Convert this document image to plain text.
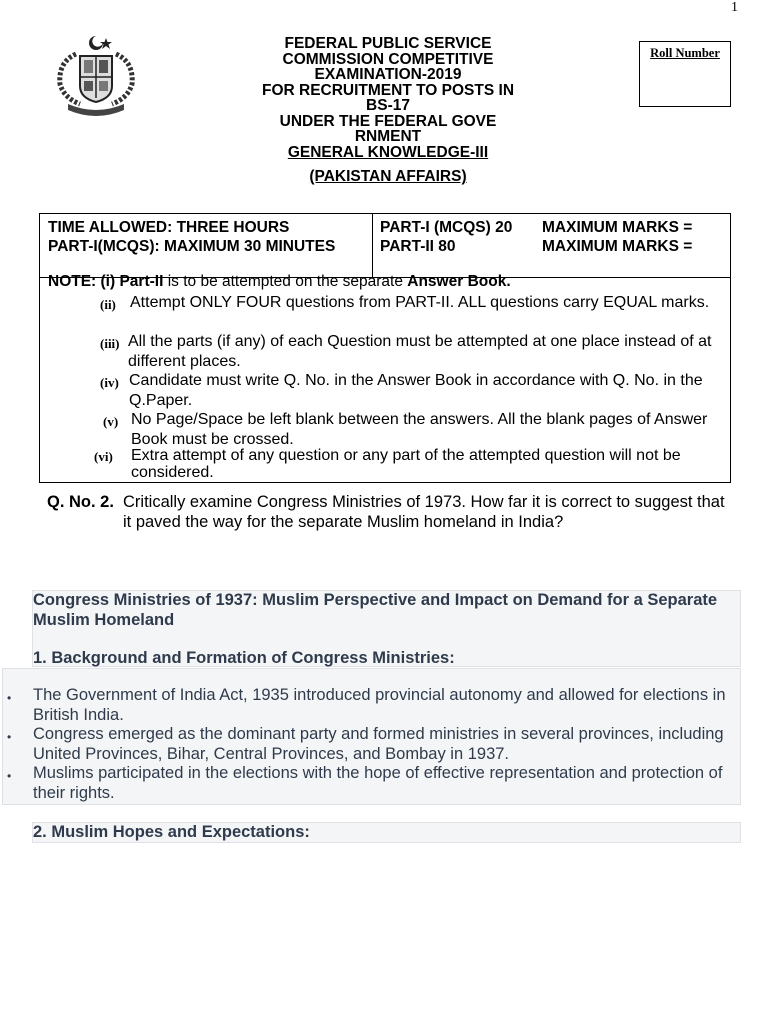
1
FEDERAL PUBLIC SERVICE
COMMISSION COMPETITIVE
EXAMINATION-2019
FOR RECRUITMENT TO POSTS IN
BS-17
UNDER THE FEDERAL GOVE
RNMENT
GENERAL KNOWLEDGE-III
(PAKISTAN AFFAIRS)
Roll Number
TIME ALLOWED: THREE HOURS
PART-I(MCQS): MAXIMUM 30 MINUTES
PART-I (MCQS) 20 PART-II 80
MAXIMUM MARKS = MAXIMUM MARKS =
NOTE: (i) Part-II is to be attempted on the separate Answer Book.
(ii) Attempt ONLY FOUR questions from PART-II. ALL questions carry EQUAL marks.
(iii) All the parts (if any) of each Question must be attempted at one place instead of at different places.
(iv) Candidate must write Q. No. in the Answer Book in accordance with Q. No. in the Q.Paper.
(v) No Page/Space be left blank between the answers. All the blank pages of Answer Book must be crossed.
(vi) Extra attempt of any question or any part of the attempted question will not be considered.
Q. No. 2. Critically examine Congress Ministries of 1973. How far it is correct to suggest that it paved the way for the separate Muslim homeland in India?
Congress Ministries of 1937: Muslim Perspective and Impact on Demand for a Separate Muslim Homeland
1. Background and Formation of Congress Ministries:
• The Government of India Act, 1935 introduced provincial autonomy and allowed for elections in British India.
• Congress emerged as the dominant party and formed ministries in several provinces, including United Provinces, Bihar, Central Provinces, and Bombay in 1937.
• Muslims participated in the elections with the hope of effective representation and protection of their rights.
2. Muslim Hopes and Expectations:
